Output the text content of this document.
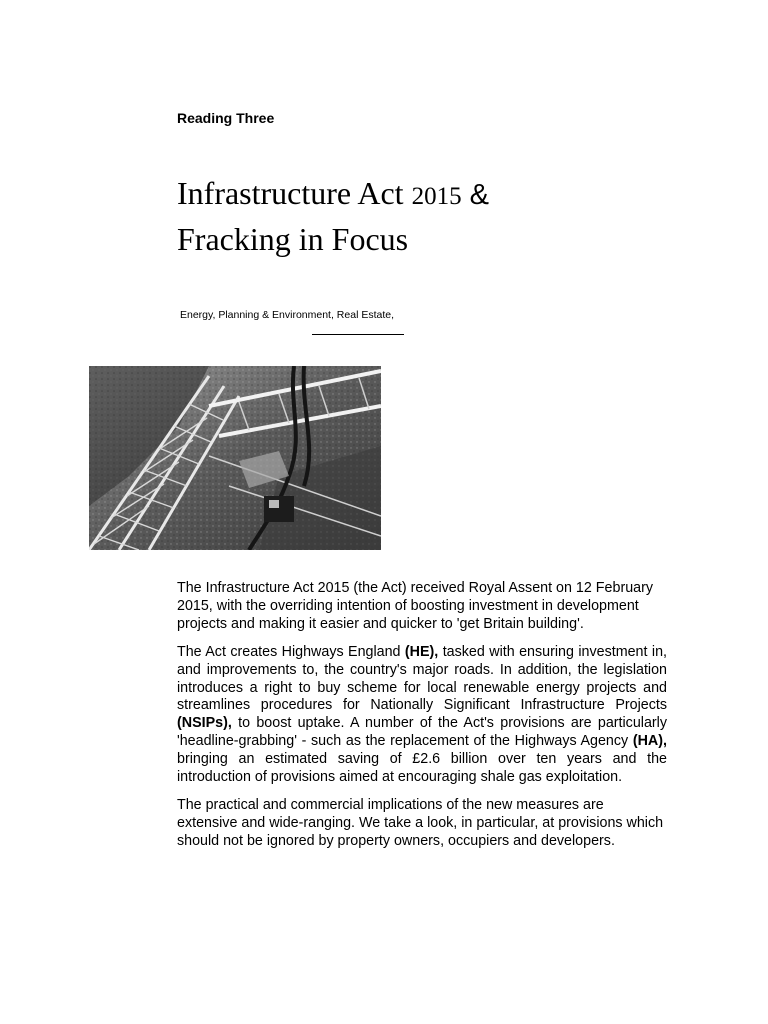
Reading Three
Infrastructure Act 2015 &
Fracking in Focus
Energy, Planning & Environment, Real Estate,

The Infrastructure Act 2015 (the Act) received Royal Assent on 12 February 2015, with the overriding intention of boosting investment in development projects and making it easier and quicker to 'get Britain building'.

The Act creates Highways England (HE), tasked with ensuring investment in, and improvements to, the country's major roads. In addition, the legislation introduces a right to buy scheme for local renewable energy projects and streamlines procedures for Nationally Significant Infrastructure Projects (NSIPs), to boost uptake. A number of the Act's provisions are particularly 'headline-grabbing' - such as the replacement of the Highways Agency (HA), bringing an estimated saving of £2.6 billion over ten years and the introduction of provisions aimed at encouraging shale gas exploitation.

The practical and commercial implications of the new measures are extensive and wide-ranging. We take a look, in particular, at provisions which should not be ignored by property owners, occupiers and developers.
